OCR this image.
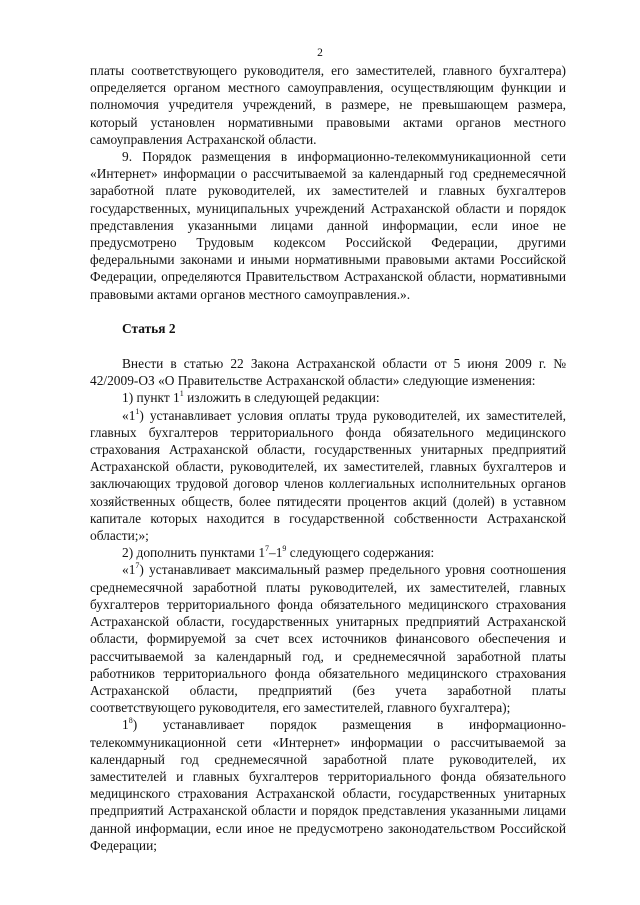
2

платы соответствующего руководителя, его заместителей, главного бухгалтера) определяется органом местного самоуправления, осуществляющим функции и полномочия учредителя учреждений, в размере, не превышающем размера, который установлен нормативными правовыми актами органов местного самоуправления Астраханской области.

9. Порядок размещения в информационно-телекоммуникационной сети «Интернет» информации о рассчитываемой за календарный год среднемесячной заработной плате руководителей, их заместителей и главных бухгалтеров государственных, муниципальных учреждений Астраханской области и порядок представления указанными лицами данной информации, если иное не предусмотрено Трудовым кодексом Российской Федерации, другими федеральными законами и иными нормативными правовыми актами Российской Федерации, определяются Правительством Астраханской области, нормативными правовыми актами органов местного самоуправления.».

Статья 2

Внести в статью 22 Закона Астраханской области от 5 июня 2009 г. № 42/2009-ОЗ «О Правительстве Астраханской области» следующие изменения:

1) пункт $1^1$ изложить в следующей редакции:

«$1^1$) устанавливает условия оплаты труда руководителей, их заместителей, главных бухгалтеров территориального фонда обязательного медицинского страхования Астраханской области, государственных унитарных предприятий Астраханской области, руководителей, их заместителей, главных бухгалтеров и заключающих трудовой договор членов коллегиальных исполнительных органов хозяйственных обществ, более пятидесяти процентов акций (долей) в уставном капитале которых находится в государственной собственности Астраханской области;»;

2) дополнить пунктами $1^7-1^9$ следующего содержания:

«$1^7$) устанавливает максимальный размер предельного уровня соотношения среднемесячной заработной платы руководителей, их заместителей, главных бухгалтеров территориального фонда обязательного медицинского страхования Астраханской области, государственных унитарных предприятий Астраханской области, формируемой за счет всех источников финансового обеспечения и рассчитываемой за календарный год, и среднемесячной заработной платы работников территориального фонда обязательного медицинского страхования Астраханской области, предприятий (без учета заработной платы соответствующего руководителя, его заместителей, главного бухгалтера);

$1^8$) устанавливает порядок размещения в информационно-телекоммуникационной сети «Интернет» информации о рассчитываемой за календарный год среднемесячной заработной плате руководителей, их заместителей и главных бухгалтеров территориального фонда обязательного медицинского страхования Астраханской области, государственных унитарных предприятий Астраханской области и порядок представления указанными лицами данной информации, если иное не предусмотрено законодательством Российской Федерации;
